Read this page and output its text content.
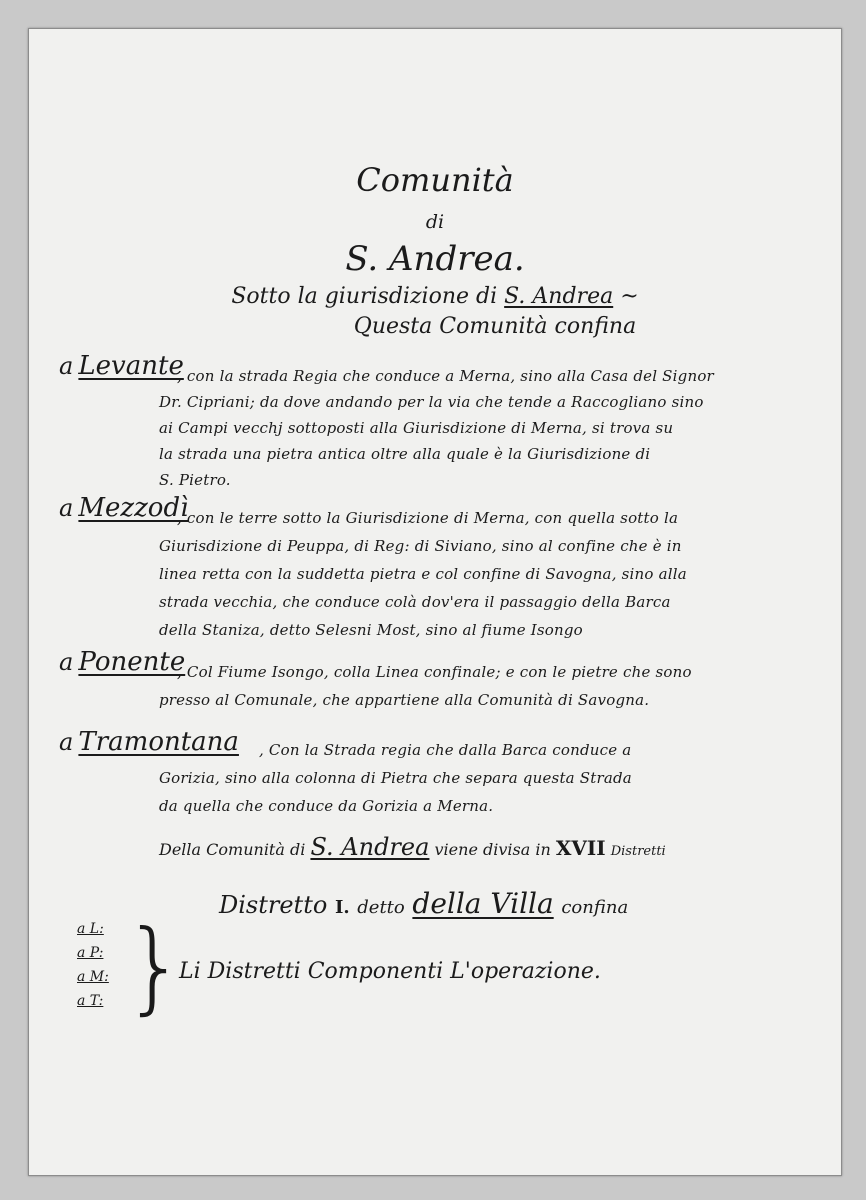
Comunità
di
S. Andrea.
Sotto la giurisdizione di S. Andrea ~
Questa Comunità confina
a Levante
, con la strada Regia che conduce a Merna, sino alla Casa del Signor
Dr. Cipriani; da dove andando per la via che tende a Raccogliano sino
ai Campi vecchj sottoposti alla Giurisdizione di Merna, si trova su
la strada una pietra antica oltre alla quale è la Giurisdizione di
S. Pietro.
a Mezzodì
, con le terre sotto la Giurisdizione di Merna, con quella sotto la
Giurisdizione di Peuppa, di Reg: di Siviano, sino al confine che è in
linea retta con la suddetta pietra e col confine di Savogna, sino alla
strada vecchia, che conduce colà dov'era il passaggio della Barca
della Staniza, detto Selesni Most, sino al fiume Isongo
a Ponente
, Col Fiume Isongo, colla Linea confinale; e con le pietre che sono
presso al Comunale, che appartiene alla Comunità di Savogna.
a Tramontana , Con la Strada regia che dalla Barca conduce a
Gorizia, sino alla colonna di Pietra che separa questa Strada
da quella che conduce da Gorizia a Merna.
Della Comunità di S. Andrea viene divisa in XVII Distretti
Distretto I. detto della Villa confina
a L:
a P:
a M:
a T: }
Li Distretti Componenti L'operazione.
